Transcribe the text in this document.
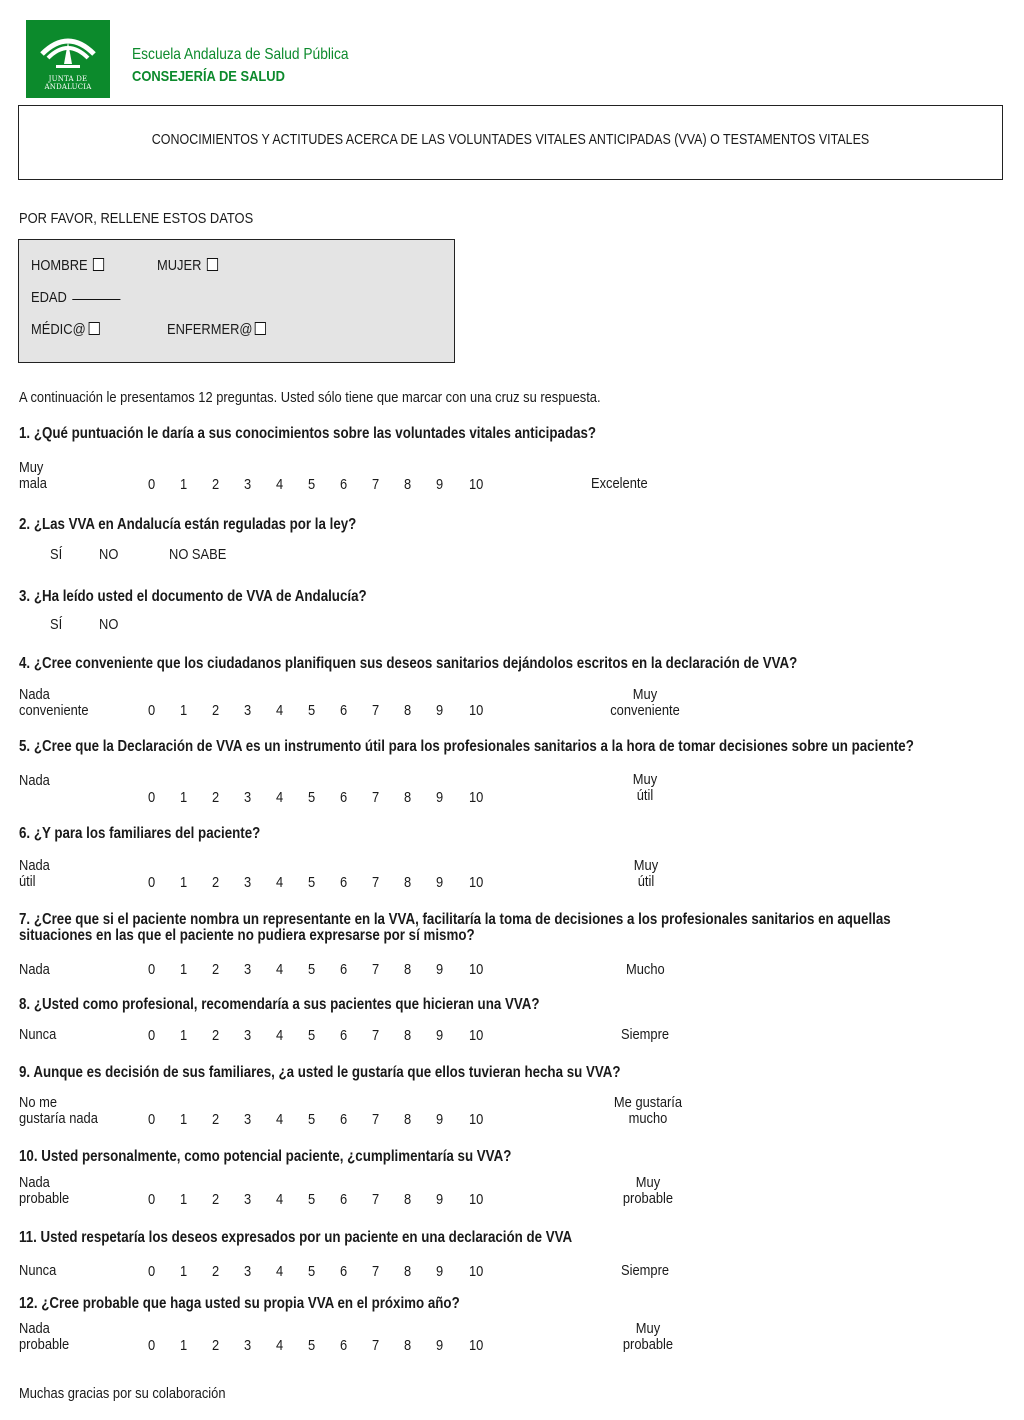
JUNTA DE ANDALUCIA
Escuela Andaluza de Salud Pública
CONSEJERÍA DE SALUD
CONOCIMIENTOS Y ACTITUDES ACERCA DE LAS VOLUNTADES VITALES ANTICIPADAS (VVA) O TESTAMENTOS VITALES
POR FAVOR, RELLENE ESTOS DATOS
HOMBRE	MUJER
EDAD
MÉDIC@	ENFERMER@
A continuación le presentamos 12 preguntas. Usted sólo tiene que marcar con una cruz su respuesta.
1. ¿Qué puntuación le daría a sus conocimientos sobre las voluntades vitales anticipadas?
Muy
mala	0 1 2 3 4 5 6 7 8 9 10	Excelente
2. ¿Las VVA en Andalucía están reguladas por la ley?
SÍ NO	NO SABE
3. ¿Ha leído usted el documento de VVA de Andalucía?
SÍ NO
4. ¿Cree conveniente que los ciudadanos planifiquen sus deseos sanitarios dejándolos escritos en la declaración de VVA?
Nada
conveniente	0 1 2 3 4 5 6 7 8 9 10
Muy
conveniente
5. ¿Cree que la Declaración de VVA es un instrumento útil para los profesionales sanitarios a la hora de tomar decisiones sobre un paciente?
Nada
0 1 2 3 4 5 6 7 8 9 10
Muy
útil
6. ¿Y para los familiares del paciente?
Nada
útil	0 1 2 3 4 5 6 7 8 9 10
Muy
útil
7. ¿Cree que si el paciente nombra un representante en la VVA, facilitaría la toma de decisiones a los profesionales sanitarios en aquellas
situaciones en las que el paciente no pudiera expresarse por sí mismo?
Nada	0 1 2 3 4 5 6 7 8 9 10	Mucho
8. ¿Usted como profesional, recomendaría a sus pacientes que hicieran una VVA?
Nunca	0 1 2 3 4 5 6 7 8 9 10	Siempre
9. Aunque es decisión de sus familiares, ¿a usted le gustaría que ellos tuvieran hecha su VVA?
No me
gustaría nada	0 1 2 3 4 5 6 7 8 9 10
Me gustaría
mucho
10. Usted personalmente, como potencial paciente, ¿cumplimentaría su VVA?
Nada
probable	0 1 2 3 4 5 6 7 8 9 10
Muy
probable
11. Usted respetaría los deseos expresados por un paciente en una declaración de VVA
Nunca	0 1 2 3 4 5 6 7 8 9 10	Siempre
12. ¿Cree probable que haga usted su propia VVA en el próximo año?
Nada
probable	0 1 2 3 4 5 6 7 8 9 10
Muy
probable
Muchas gracias por su colaboración
